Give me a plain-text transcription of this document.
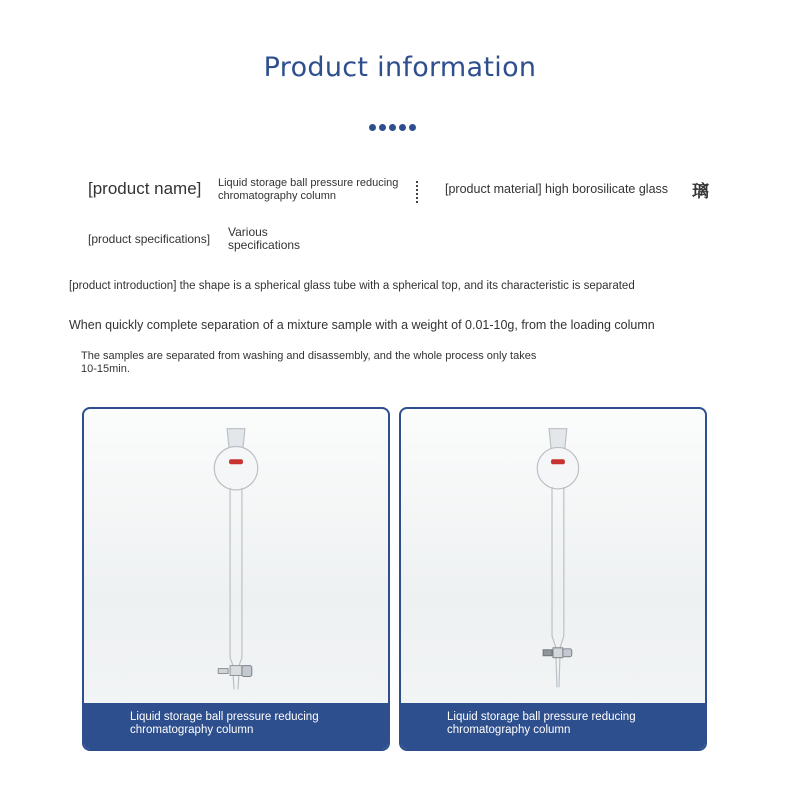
Product information
[product name] Liquid storage ball pressure reducing chromatography column	[product material] high borosilicate glass 璃
[product specifications] Various specifications
[product introduction] the shape is a spherical glass tube with a spherical top, and its characteristic is separated
When quickly complete separation of a mixture sample with a weight of 0.01-10g, from the loading column
The samples are separated from washing and disassembly, and the whole process only takes 10-15min.
Liquid storage ball pressure reducing chromatography column
Liquid storage ball pressure reducing chromatography column
